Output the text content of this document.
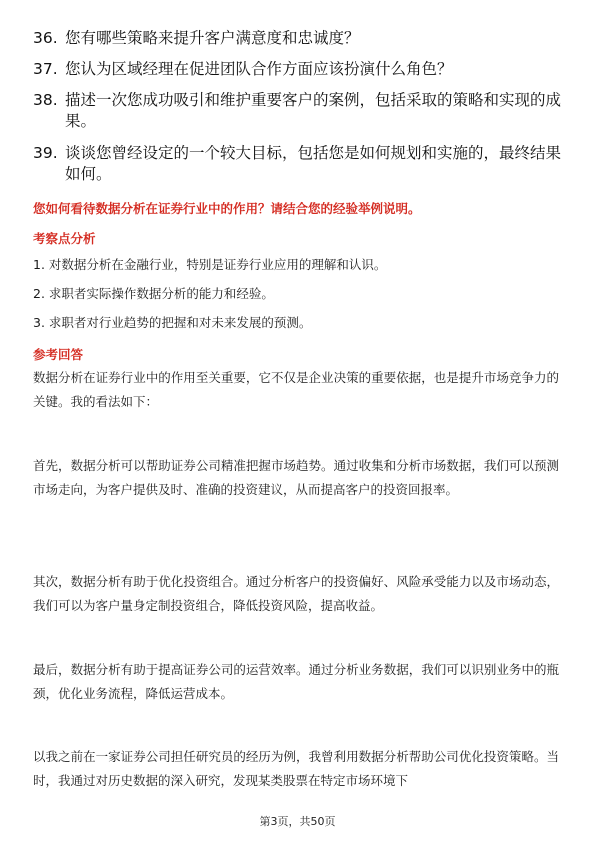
36. 您有哪些策略来提升客户满意度和忠诚度？
37. 您认为区域经理在促进团队合作方面应该扮演什么角色？
38. 描述一次您成功吸引和维护重要客户的案例，包括采取的策略和实现的成果。
39. 谈谈您曾经设定的一个较大目标，包括您是如何规划和实施的，最终结果如何。
您如何看待数据分析在证券行业中的作用？请结合您的经验举例说明。
考察点分析
1. 对数据分析在金融行业，特别是证券行业应用的理解和认识。
2. 求职者实际操作数据分析的能力和经验。
3. 求职者对行业趋势的把握和对未来发展的预测。
参考回答
数据分析在证券行业中的作用至关重要，它不仅是企业决策的重要依据，也是提升市场竞争力的关键。我的看法如下：
首先，数据分析可以帮助证券公司精准把握市场趋势。通过收集和分析市场数据，我们可以预测市场走向，为客户提供及时、准确的投资建议，从而提高客户的投资回报率。
其次，数据分析有助于优化投资组合。通过分析客户的投资偏好、风险承受能力以及市场动态，我们可以为客户量身定制投资组合，降低投资风险，提高收益。
最后，数据分析有助于提高证券公司的运营效率。通过分析业务数据，我们可以识别业务中的瓶颈，优化业务流程，降低运营成本。
以我之前在一家证券公司担任研究员的经历为例，我曾利用数据分析帮助公司优化投资策略。当时，我通过对历史数据的深入研究，发现某类股票在特定市场环境下
第3页，共50页
